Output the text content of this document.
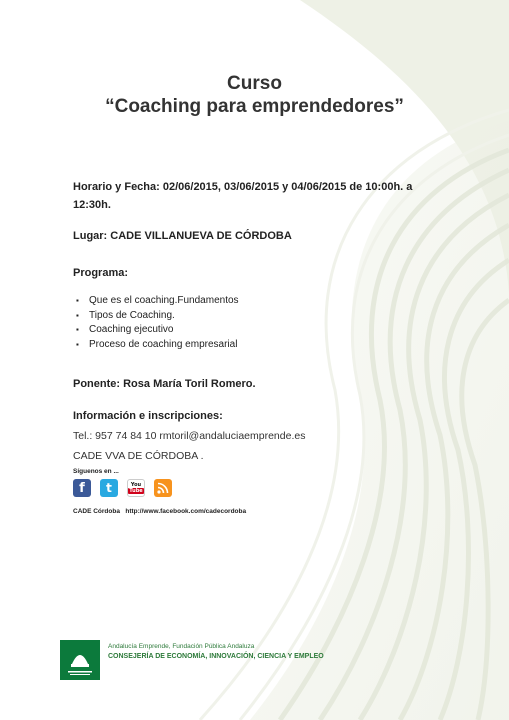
Curso
“Coaching para emprendedores”
Horario y Fecha: 02/06/2015, 03/06/2015 y 04/06/2015 de 10:00h. a 12:30h.
Lugar: CADE VILLANUEVA DE CÓRDOBA
Programa:
▪ Que es el coaching.Fundamentos
▪ Tipos de Coaching.
▪ Coaching ejecutivo
▪ Proceso de coaching empresarial
Ponente: Rosa María Toril Romero.
Información e inscripciones:
Tel.: 957 74 84 10 rmtoril@andaluciaemprende.es
CADE VVA DE CÓRDOBA .
Síguenos en ...
f	t	You
Tube
CADE Córdoba   http://www.facebook.com/cadecordoba
Andalucía Emprende, Fundación Pública Andaluza
CONSEJERÍA DE ECONOMÍA, INNOVACIÓN, CIENCIA Y EMPLEO
